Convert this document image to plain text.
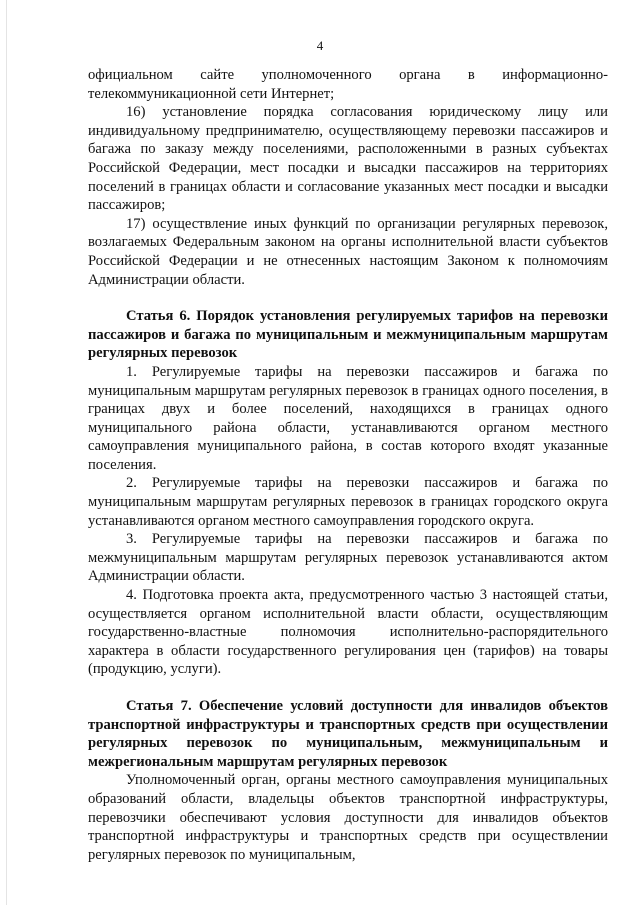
4

официальном сайте уполномоченного органа в информационно-телекоммуникационной сети Интернет;

16) установление порядка согласования юридическому лицу или индивидуальному предпринимателю, осуществляющему перевозки пассажиров и багажа по заказу между поселениями, расположенными в разных субъектах Российской Федерации, мест посадки и высадки пассажиров на территориях поселений в границах области и согласование указанных мест посадки и высадки пассажиров;

17) осуществление иных функций по организации регулярных перевозок, возлагаемых Федеральным законом на органы исполнительной власти субъектов Российской Федерации и не отнесенных настоящим Законом к полномочиям Администрации области.

Статья 6. Порядок установления регулируемых тарифов на перевозки пассажиров и багажа по муниципальным и межмуниципальным маршрутам регулярных перевозок

1. Регулируемые тарифы на перевозки пассажиров и багажа по муниципальным маршрутам регулярных перевозок в границах одного поселения, в границах двух и более поселений, находящихся в границах одного муниципального района области, устанавливаются органом местного самоуправления муниципального района, в состав которого входят указанные поселения.

2. Регулируемые тарифы на перевозки пассажиров и багажа по муниципальным маршрутам регулярных перевозок в границах городского округа устанавливаются органом местного самоуправления городского округа.

3. Регулируемые тарифы на перевозки пассажиров и багажа по межмуниципальным маршрутам регулярных перевозок устанавливаются актом Администрации области.

4. Подготовка проекта акта, предусмотренного частью 3 настоящей статьи, осуществляется органом исполнительной власти области, осуществляющим государственно-властные полномочия исполнительно-распорядительного характера в области государственного регулирования цен (тарифов) на товары (продукцию, услуги).

Статья 7. Обеспечение условий доступности для инвалидов объектов транспортной инфраструктуры и транспортных средств при осуществлении регулярных перевозок по муниципальным, межмуниципальным и межрегиональным маршрутам регулярных перевозок

Уполномоченный орган, органы местного самоуправления муниципальных образований области, владельцы объектов транспортной инфраструктуры, перевозчики обеспечивают условия доступности для инвалидов объектов транспортной инфраструктуры и транспортных средств при осуществлении регулярных перевозок по муниципальным,
